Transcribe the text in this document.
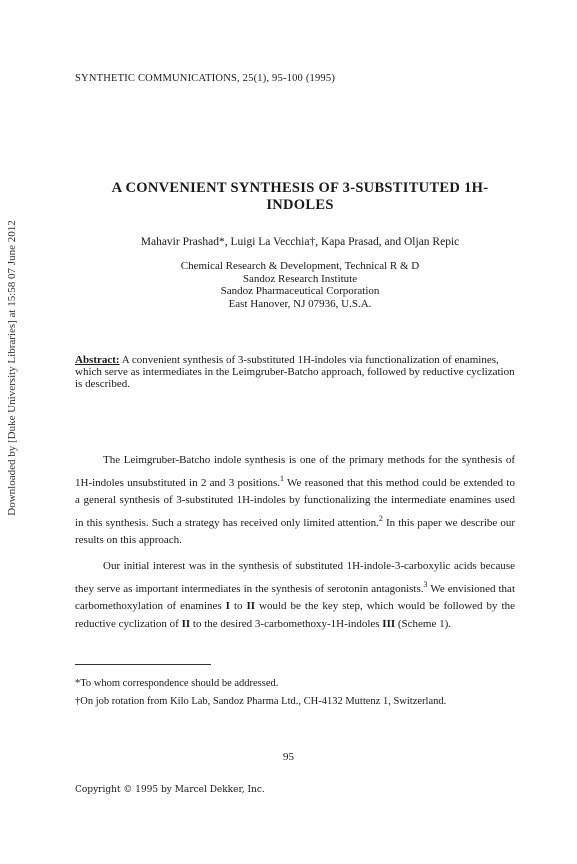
SYNTHETIC COMMUNICATIONS, 25(1), 95-100 (1995)
A CONVENIENT SYNTHESIS OF 3-SUBSTITUTED 1H-
INDOLES
Mahavir Prashad*, Luigi La Vecchia†, Kapa Prasad, and Oljan Repic
Chemical Research & Development, Technical R & D
Sandoz Research Institute
Sandoz Pharmaceutical Corporation
East Hanover, NJ 07936, U.S.A.
Abstract: A convenient synthesis of 3-substituted 1H-indoles via functionalization of enamines, which serve as intermediates in the Leimgruber-Batcho approach, followed by reductive cyclization is described.

The Leimgruber-Batcho indole synthesis is one of the primary methods for the synthesis of 1H-indoles unsubstituted in 2 and 3 positions.$^1$ We reasoned that this method could be extended to a general synthesis of 3-substituted 1H-indoles by functionalizing the intermediate enamines used in this synthesis. Such a strategy has received only limited attention.$^2$ In this paper we describe our results on this approach.

Our initial interest was in the synthesis of substituted 1H-indole-3-carboxylic acids because they serve as important intermediates in the synthesis of serotonin antagonists.$^3$ We envisioned that carbomethoxylation of enamines I to II would be the key step, which would be followed by the reductive cyclization of II to the desired 3-carbomethoxy-1H-indoles III (Scheme 1).

*To whom correspondence should be addressed.
†On job rotation from Kilo Lab, Sandoz Pharma Ltd., CH-4132 Muttenz 1, Switzerland.
95
Copyright © 1995 by Marcel Dekker, Inc.
Downloaded by [Duke University Libraries] at 15:58 07 June 2012
